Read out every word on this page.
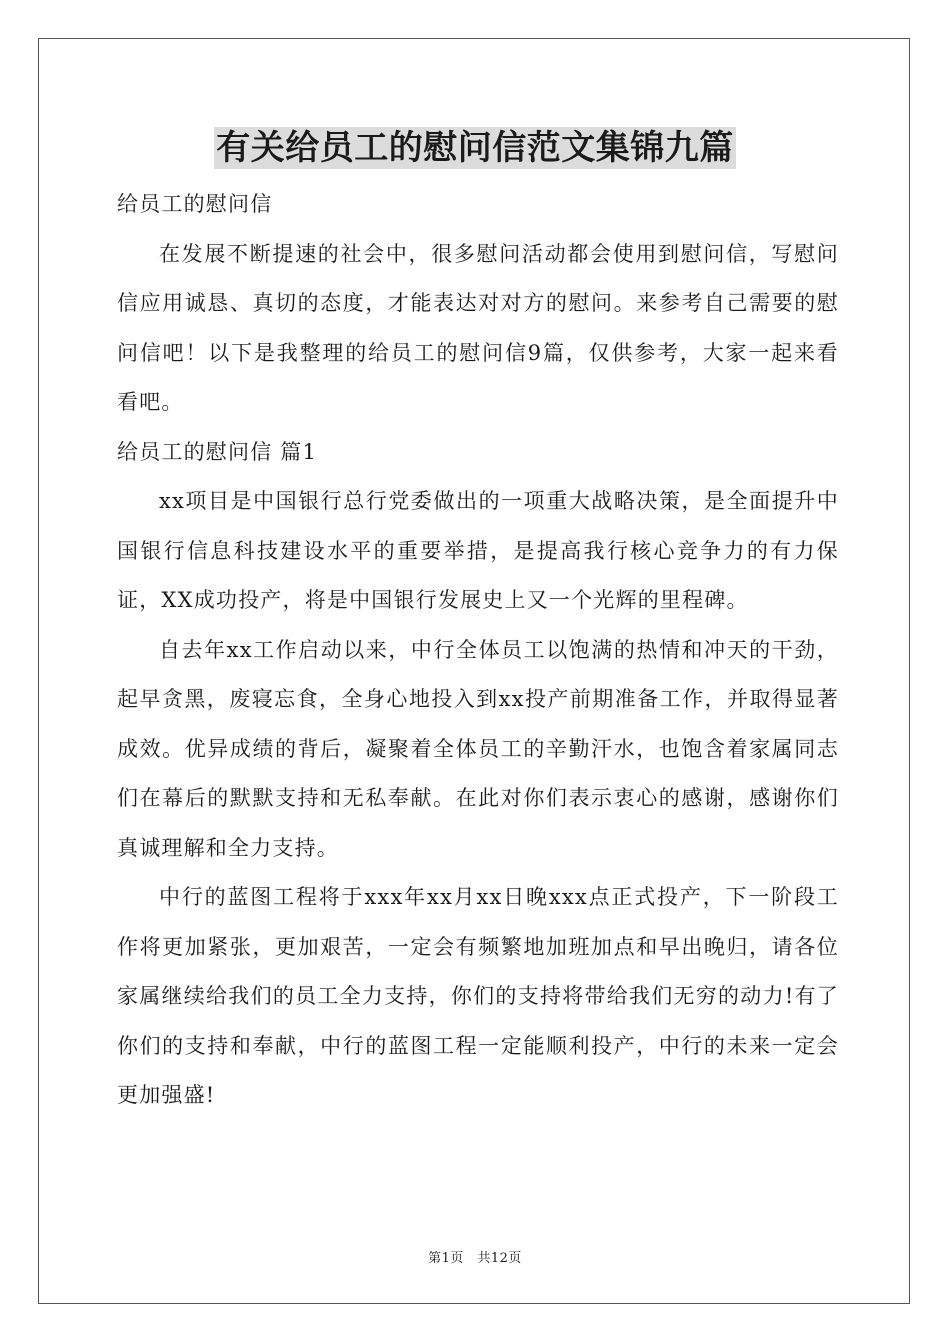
有关给员工的慰问信范文集锦九篇

给员工的慰问信

在发展不断提速的社会中，很多慰问活动都会使用到慰问信，写慰问信应用诚恳、真切的态度，才能表达对对方的慰问。来参考自己需要的慰问信吧！以下是我整理的给员工的慰问信9篇，仅供参考，大家一起来看看吧。

给员工的慰问信 篇1

xx项目是中国银行总行党委做出的一项重大战略决策，是全面提升中国银行信息科技建设水平的重要举措，是提高我行核心竞争力的有力保证，XX成功投产，将是中国银行发展史上又一个光辉的里程碑。

自去年xx工作启动以来，中行全体员工以饱满的热情和冲天的干劲，起早贪黑，废寝忘食，全身心地投入到xx投产前期准备工作，并取得显著成效。优异成绩的背后，凝聚着全体员工的辛勤汗水，也饱含着家属同志们在幕后的默默支持和无私奉献。在此对你们表示衷心的感谢，感谢你们真诚理解和全力支持。

中行的蓝图工程将于xxx年xx月xx日晚xxx点正式投产，下一阶段工作将更加紧张，更加艰苦，一定会有频繁地加班加点和早出晚归，请各位家属继续给我们的员工全力支持，你们的支持将带给我们无穷的动力!有了你们的支持和奉献，中行的蓝图工程一定能顺利投产，中行的未来一定会更加强盛!

第1页　共12页
